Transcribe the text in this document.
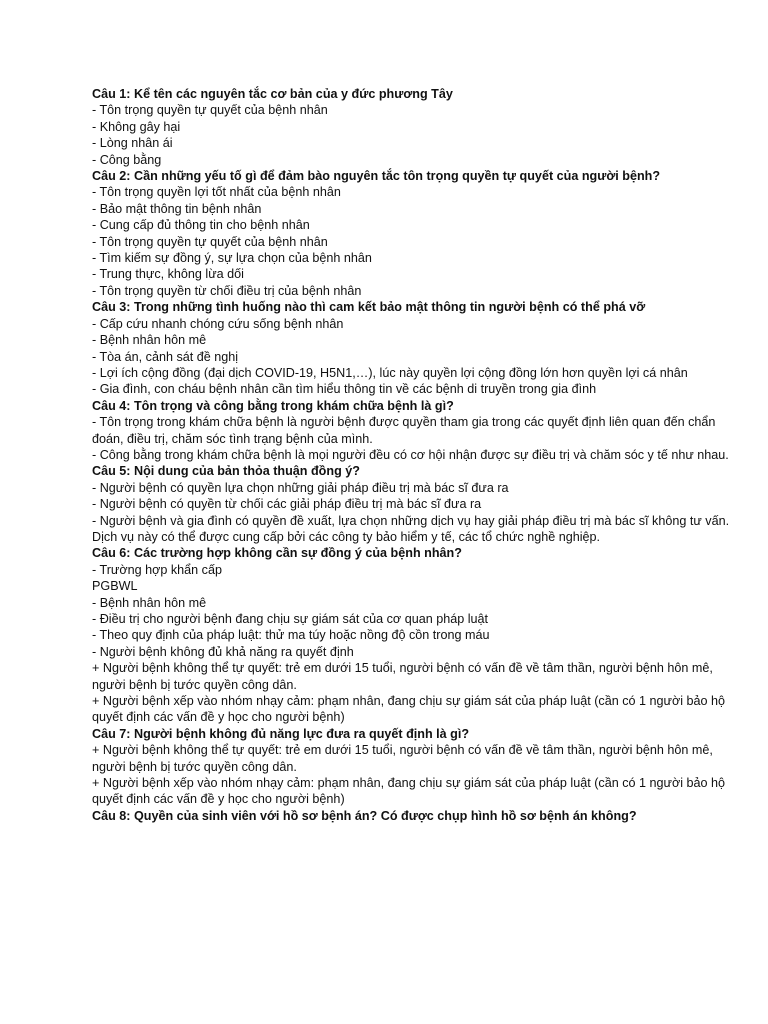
Câu 1: Kể tên các nguyên tắc cơ bản của y đức phương Tây

- Tôn trọng quyền tự quyết của bệnh nhân

- Không gây hại

- Lòng nhân ái

- Công bằng

Câu 2: Cần những yếu tố gì để đảm bào nguyên tắc tôn trọng quyền tự quyết của người bệnh?

- Tôn trọng quyền lợi tốt nhất của bệnh nhân

- Bảo mật thông tin bệnh nhân

- Cung cấp đủ thông tin cho bệnh nhân

- Tôn trọng quyền tự quyết của bệnh nhân

- Tìm kiếm sự đồng ý, sự lựa chọn của bệnh nhân

- Trung thực, không lừa dối

- Tôn trọng quyền từ chối điều trị của bệnh nhân

Câu 3: Trong những tình huống nào thì cam kết bảo mật thông tin người bệnh có thể phá vỡ

- Cấp cứu nhanh chóng cứu sống bệnh nhân

- Bệnh nhân hôn mê

- Tòa án, cảnh sát đề nghị

- Lợi ích cộng đồng (đại dịch COVID-19, H5N1,…), lúc này quyền lợi cộng đồng lớn hơn quyền lợi cá nhân

- Gia đình, con cháu bệnh nhân cần tìm hiểu thông tin về các bệnh di truyền trong gia đình

Câu 4: Tôn trọng và công bằng trong khám chữa bệnh là gì?

- Tôn trọng trong khám chữa bệnh là người bệnh được quyền tham gia trong các quyết định liên quan đến chẩn đoán, điều trị, chăm sóc tình trạng bệnh của mình.

- Công bằng trong khám chữa bệnh là mọi người đều có cơ hội nhận được sự điều trị và chăm sóc y tế như nhau.

Câu 5: Nội dung của bản thỏa thuận đồng ý?

- Người bệnh có quyền lựa chọn những giải pháp điều trị mà bác sĩ đưa ra

- Người bệnh có quyền từ chối các giải pháp điều trị mà bác sĩ đưa ra

- Người bệnh và gia đình có quyền đề xuất, lựa chọn những dịch vụ hay giải pháp điều trị mà bác sĩ không tư vấn. Dịch vụ này có thể được cung cấp bởi các công ty bảo hiểm y tế, các tổ chức nghề nghiệp.

Câu 6: Các trường hợp không cần sự đồng ý của bệnh nhân?

- Trường hợp khẩn cấp

PGBWL

- Bệnh nhân hôn mê

- Điều trị cho người bệnh đang chịu sự giám sát của cơ quan pháp luật

- Theo quy định của pháp luật: thử ma túy hoặc nồng độ cồn trong máu

- Người bệnh không đủ khả năng ra quyết định

+ Người bệnh không thể tự quyết: trẻ em dưới 15 tuổi, người bệnh có vấn đề về tâm thần, người bệnh hôn mê, người bệnh bị tước quyền công dân.

+ Người bệnh xếp vào nhóm nhạy cảm: phạm nhân, đang chịu sự giám sát của pháp luật (cần có 1 người bảo hộ quyết định các vấn đề y học cho người bệnh)

Câu 7: Người bệnh không đủ năng lực đưa ra quyết định là gì?

+ Người bệnh không thể tự quyết: trẻ em dưới 15 tuổi, người bệnh có vấn đề về tâm thần, người bệnh hôn mê, người bệnh bị tước quyền công dân.

+ Người bệnh xếp vào nhóm nhạy cảm: phạm nhân, đang chịu sự giám sát của pháp luật (cần có 1 người bảo hộ quyết định các vấn đề y học cho người bệnh)

Câu 8: Quyền của sinh viên với hồ sơ bệnh án? Có được chụp hình hồ sơ bệnh án không?
